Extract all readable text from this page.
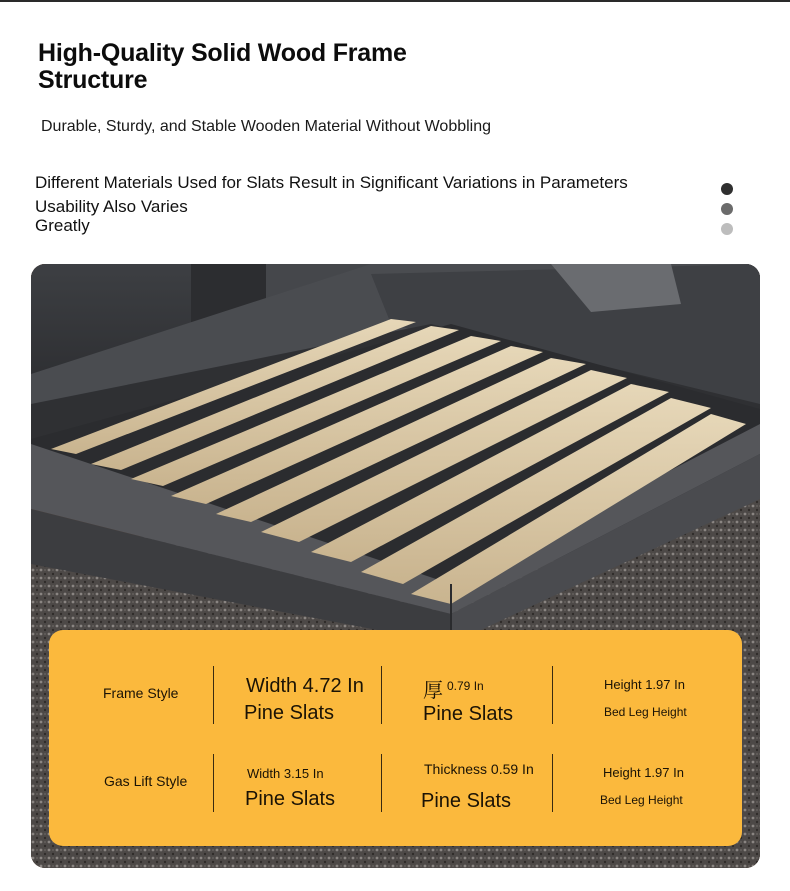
High-Quality Solid Wood Frame Structure
Durable, Sturdy, and Stable Wooden Material Without Wobbling
Different Materials Used for Slats Result in Significant Variations in Parameters
Usability Also Varies
Greatly
Frame Style	Width 4.72 In
Pine Slats
厚 0.79 In
Pine Slats
Height 1.97 In
Bed Leg Height
Gas Lift Style	Width 3.15 In
Pine Slats
Thickness 0.59 In
Pine Slats
Height 1.97 In
Bed Leg Height
